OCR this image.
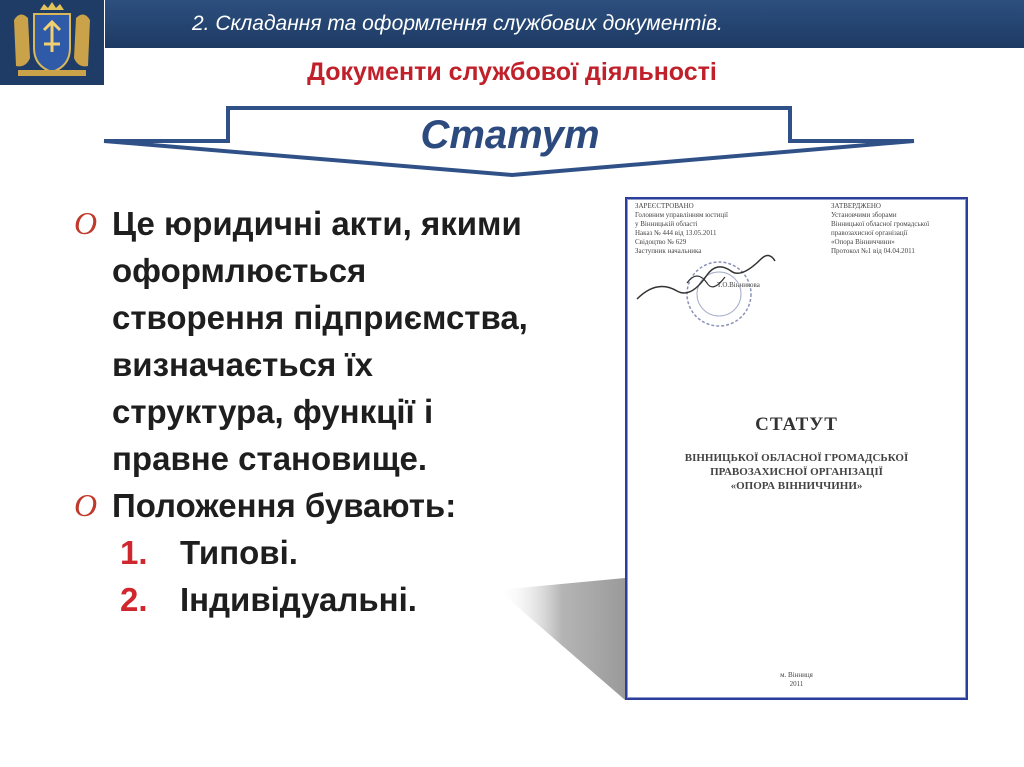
2. Складання та оформлення службових документів.
Документи службової діяльності
Статут
O Це юридичні акти, якими оформлюється створення підприємства, визначається їх структура, функції і правне становище.
O Положення бувають:
1. Типові.
2. Індивідуальні.
ЗАРЕЄСТРОВАНО
Головним управлінням юстиції
у Вінницькій області
Наказ № 444 від 13.05.2011
Свідоцтво № 629
Заступник начальника
ЗАТВЕРДЖЕНО
Установчими зборами
Вінницької обласної громадської
правозахисної організації
«Опора Вінниччини»
Протокол №1 від 04.04.2011
Т.О.Вінникова
СТАТУТ
ВІННИЦЬКОЇ ОБЛАСНОЇ ГРОМАДСЬКОЇ
ПРАВОЗАХИСНОЇ ОРГАНІЗАЦІЇ
«ОПОРА ВІННИЧЧИНИ»
м. Вінниця
2011
